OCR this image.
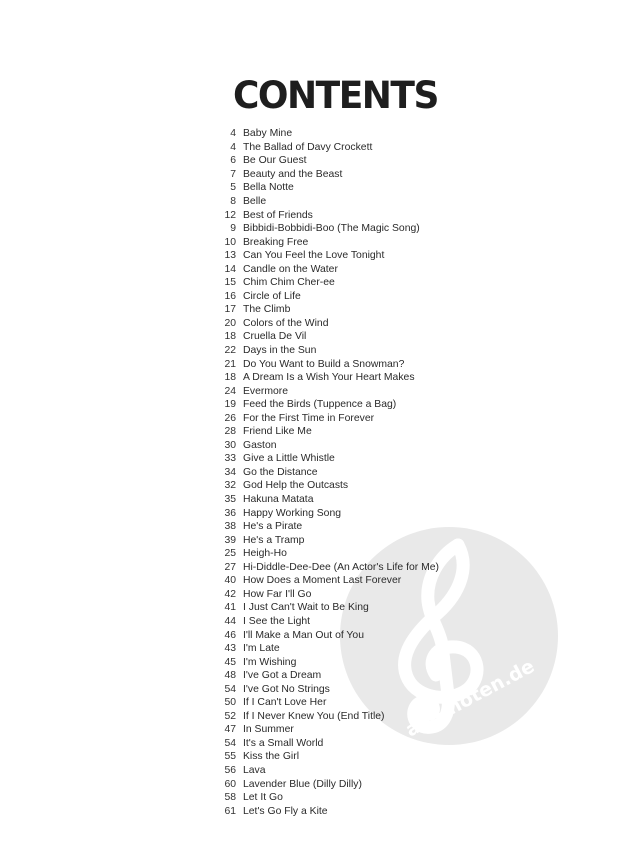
alle-noten.de
CONTENTS
4 Baby Mine
4 The Ballad of Davy Crockett
6 Be Our Guest
7 Beauty and the Beast
5 Bella Notte
8 Belle
12 Best of Friends
9 Bibbidi-Bobbidi-Boo (The Magic Song)
10 Breaking Free
13 Can You Feel the Love Tonight
14 Candle on the Water
15 Chim Chim Cher-ee
16 Circle of Life
17 The Climb
20 Colors of the Wind
18 Cruella De Vil
22 Days in the Sun
21 Do You Want to Build a Snowman?
18 A Dream Is a Wish Your Heart Makes
24 Evermore
19 Feed the Birds (Tuppence a Bag)
26 For the First Time in Forever
28 Friend Like Me
30 Gaston
33 Give a Little Whistle
34 Go the Distance
32 God Help the Outcasts
35 Hakuna Matata
36 Happy Working Song
38 He's a Pirate
39 He's a Tramp
25 Heigh-Ho
27 Hi-Diddle-Dee-Dee (An Actor's Life for Me)
40 How Does a Moment Last Forever
42 How Far I'll Go
41 I Just Can't Wait to Be King
44 I See the Light
46 I'll Make a Man Out of You
43 I'm Late
45 I'm Wishing
48 I've Got a Dream
54 I've Got No Strings
50 If I Can't Love Her
52 If I Never Knew You (End Title)
47 In Summer
54 It's a Small World
55 Kiss the Girl
56 Lava
60 Lavender Blue (Dilly Dilly)
58 Let It Go
61 Let's Go Fly a Kite
